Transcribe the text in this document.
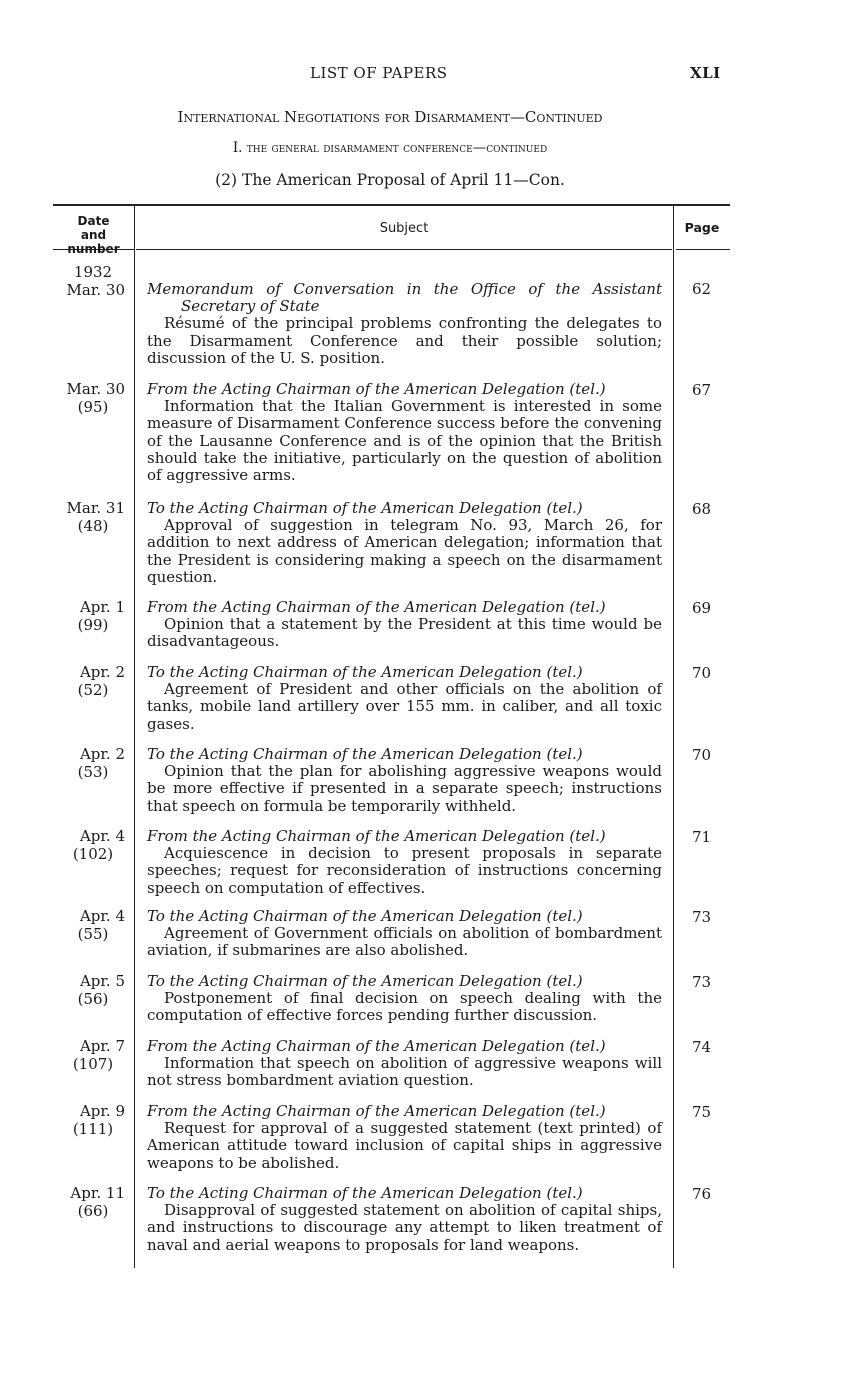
LIST OF PAPERS	XLI
International Negotiations for Disarmament—Continued
I. the general disarmament conference—continued
(2) The American Proposal of April 11—Con.
Date and number
Subject	Page
1932
Mar. 30 Memorandum of Conversation in the Office of the Assistant Secretary of State
Résumé of the principal problems confronting the delegates to the Disarmament Conference and their possible solution; discussion of the U. S. position.
62
Mar. 30
(95)
From the Acting Chairman of the American Delegation (tel.)
Information that the Italian Government is interested in some measure of Disarmament Conference success before the convening of the Lausanne Conference and is of the opinion that the British should take the initiative, particularly on the question of abolition of aggressive arms.
67
Mar. 31
(48)
To the Acting Chairman of the American Delegation (tel.)
Approval of suggestion in telegram No. 93, March 26, for addition to next address of American delegation; information that the President is considering making a speech on the disarmament question.
68
Apr. 1
(99)
From the Acting Chairman of the American Delegation (tel.)
Opinion that a statement by the President at this time would be disadvantageous.
69
Apr. 2
(52)
To the Acting Chairman of the American Delegation (tel.)
Agreement of President and other officials on the abolition of tanks, mobile land artillery over 155 mm. in caliber, and all toxic gases.
70
Apr. 2
(53)
To the Acting Chairman of the American Delegation (tel.)
Opinion that the plan for abolishing aggressive weapons would be more effective if presented in a separate speech; instructions that speech on formula be temporarily withheld.
70
Apr. 4
(102)
From the Acting Chairman of the American Delegation (tel.)
Acquiescence in decision to present proposals in separate speeches; request for reconsideration of instructions concerning speech on computation of effectives.
71
Apr. 4
(55)
To the Acting Chairman of the American Delegation (tel.)
Agreement of Government officials on abolition of bombardment aviation, if submarines are also abolished.
73
Apr. 5
(56)
To the Acting Chairman of the American Delegation (tel.)
Postponement of final decision on speech dealing with the computation of effective forces pending further discussion.
73
Apr. 7
(107)
From the Acting Chairman of the American Delegation (tel.)
Information that speech on abolition of aggressive weapons will not stress bombardment aviation question.
74
Apr. 9
(111)
From the Acting Chairman of the American Delegation (tel.)
Request for approval of a suggested statement (text printed) of American attitude toward inclusion of capital ships in aggressive weapons to be abolished.
75
Apr. 11
(66)
To the Acting Chairman of the American Delegation (tel.)
Disapproval of suggested statement on abolition of capital ships, and instructions to discourage any attempt to liken treatment of naval and aerial weapons to proposals for land weapons.
76
